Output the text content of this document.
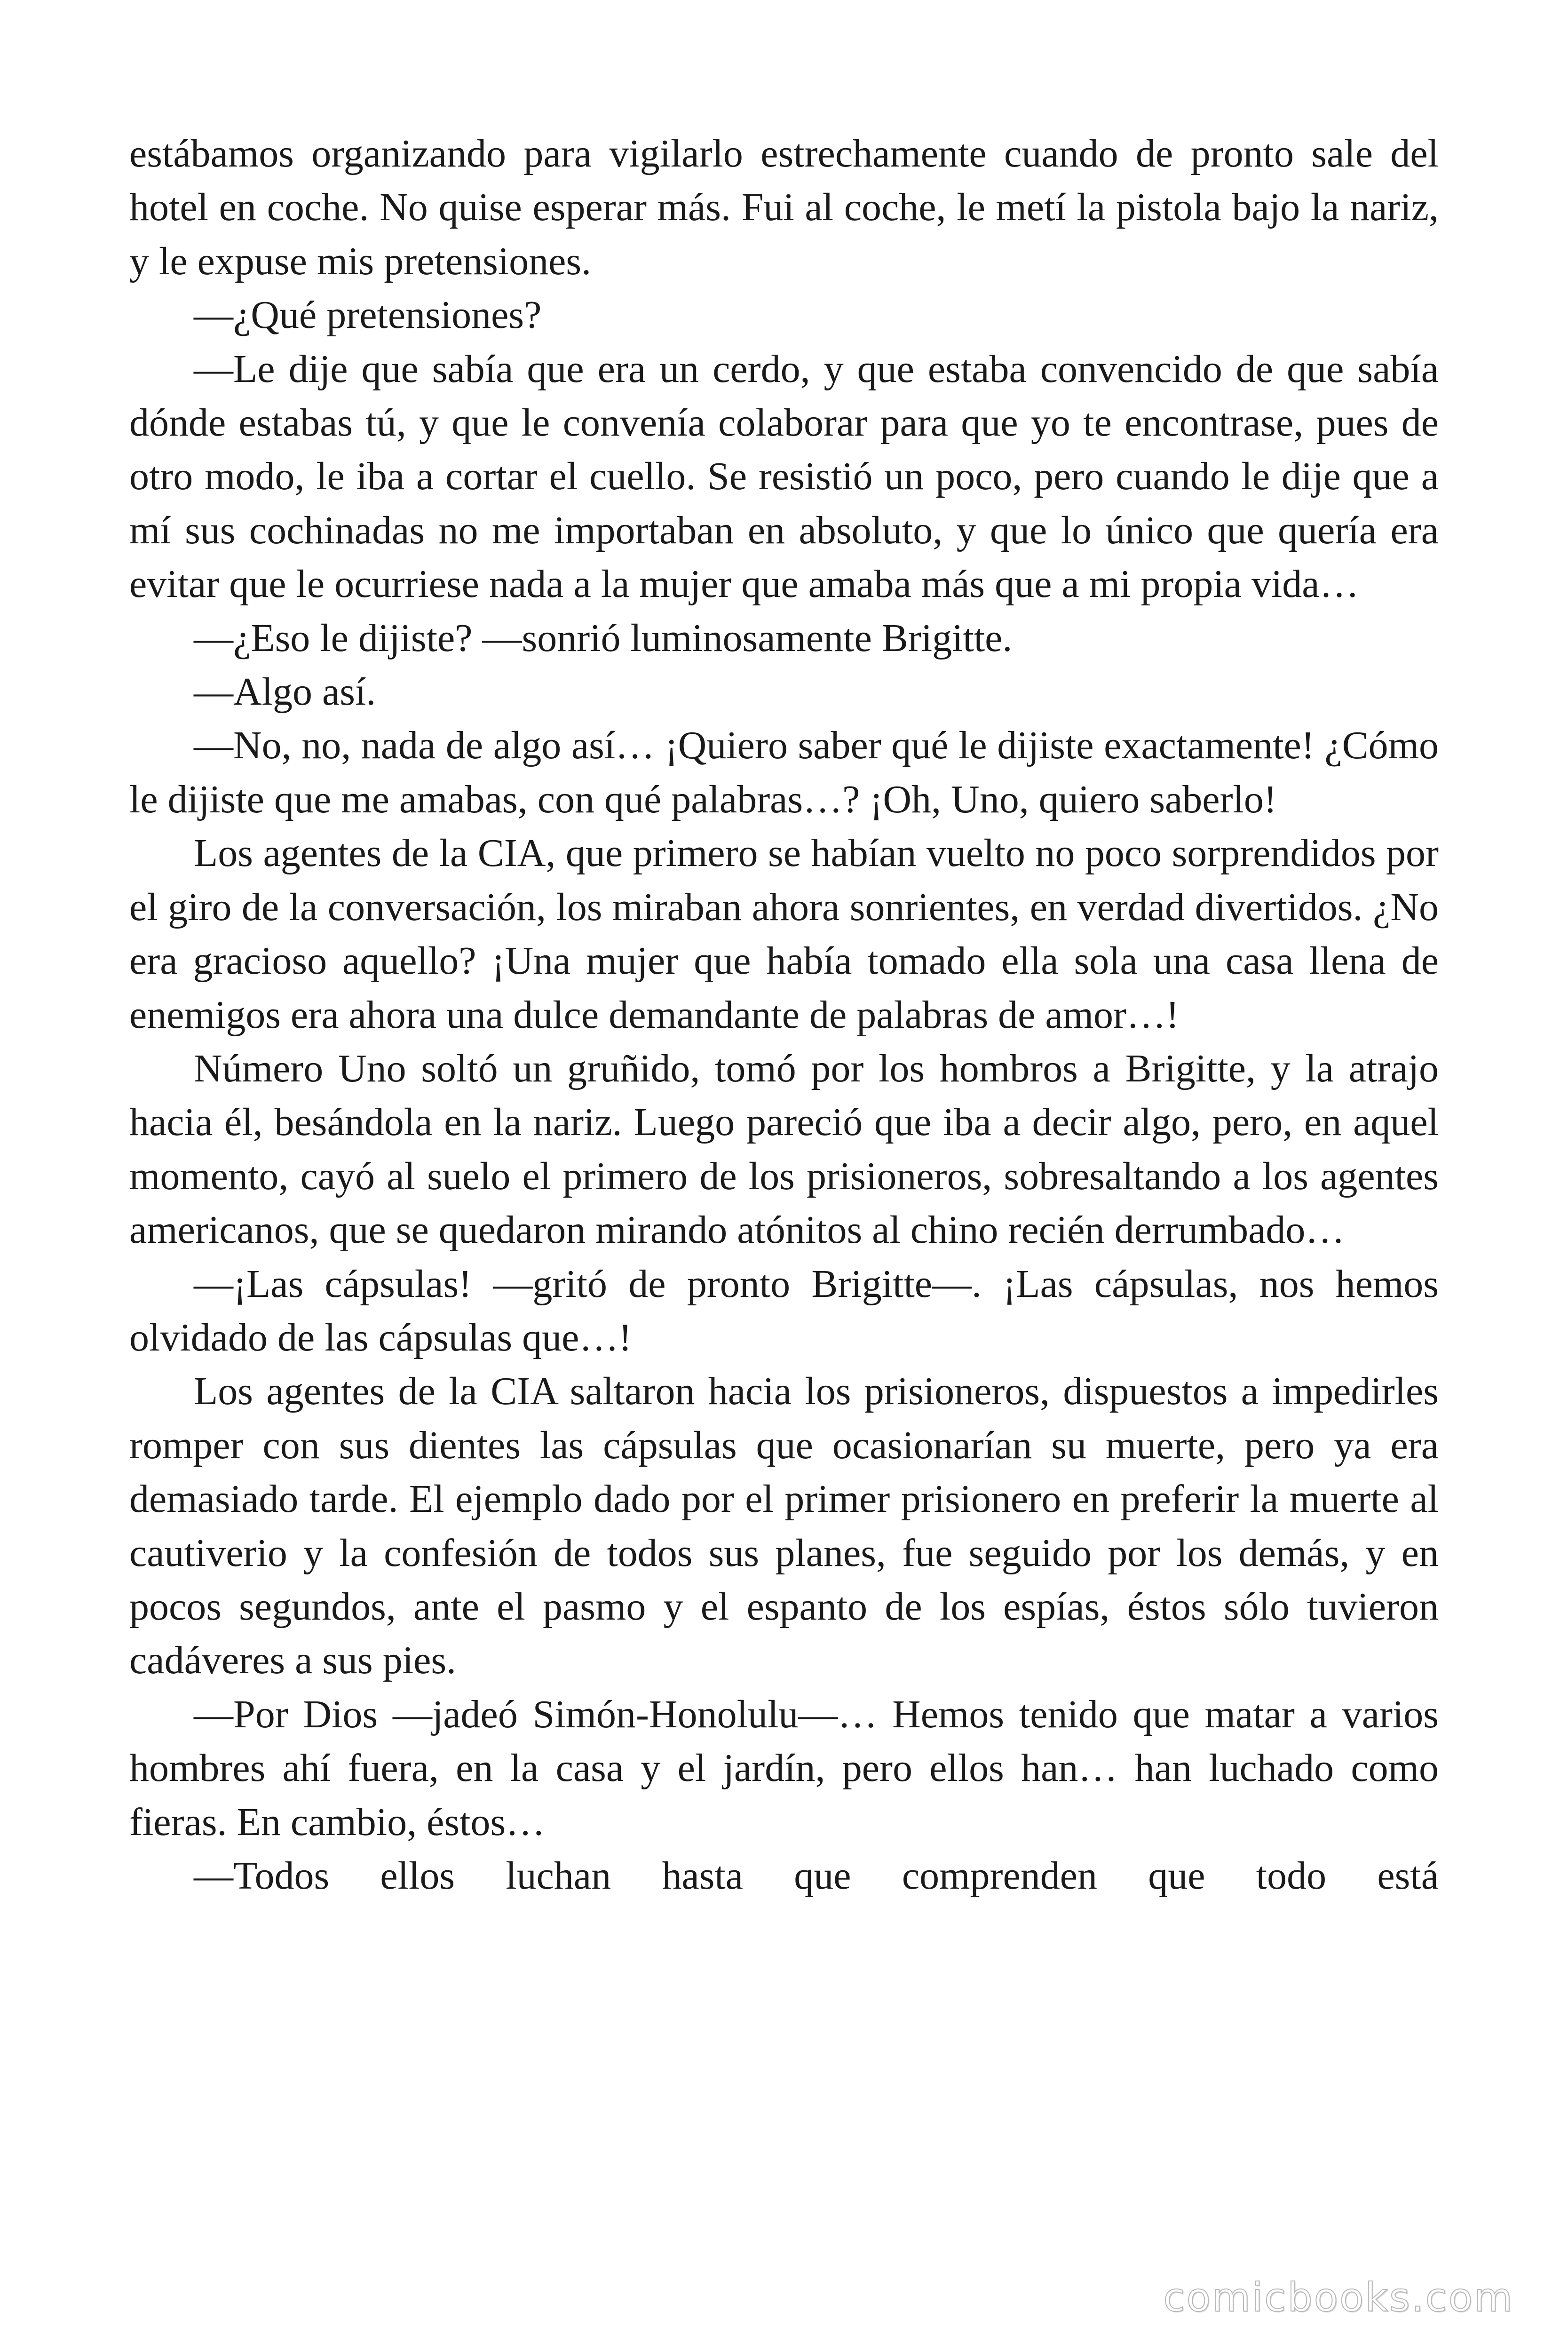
estábamos organizando para vigilarlo estrechamente cuando de pronto sale del hotel en coche. No quise esperar más. Fui al coche, le metí la pistola bajo la nariz, y le expuse mis pretensiones.

—¿Qué pretensiones?

—Le dije que sabía que era un cerdo, y que estaba convencido de que sabía dónde estabas tú, y que le convenía colaborar para que yo te encontrase, pues de otro modo, le iba a cortar el cuello. Se resistió un poco, pero cuando le dije que a mí sus cochinadas no me importaban en absoluto, y que lo único que quería era evitar que le ocurriese nada a la mujer que amaba más que a mi propia vida…

—¿Eso le dijiste? —sonrió luminosamente Brigitte.

—Algo así.

—No, no, nada de algo así… ¡Quiero saber qué le dijiste exactamente! ¿Cómo le dijiste que me amabas, con qué palabras…? ¡Oh, Uno, quiero saberlo!

Los agentes de la CIA, que primero se habían vuelto no poco sorprendidos por el giro de la conversación, los miraban ahora sonrientes, en verdad divertidos. ¿No era gracioso aquello? ¡Una mujer que había tomado ella sola una casa llena de enemigos era ahora una dulce demandante de palabras de amor…!

Número Uno soltó un gruñido, tomó por los hombros a Brigitte, y la atrajo hacia él, besándola en la nariz. Luego pareció que iba a decir algo, pero, en aquel momento, cayó al suelo el primero de los prisioneros, sobresaltando a los agentes americanos, que se quedaron mirando atónitos al chino recién derrumbado…

—¡Las cápsulas! —gritó de pronto Brigitte—. ¡Las cápsulas, nos hemos olvidado de las cápsulas que…!

Los agentes de la CIA saltaron hacia los prisioneros, dispuestos a impedirles romper con sus dientes las cápsulas que ocasionarían su muerte, pero ya era demasiado tarde. El ejemplo dado por el primer prisionero en preferir la muerte al cautiverio y la confesión de todos sus planes, fue seguido por los demás, y en pocos segundos, ante el pasmo y el espanto de los espías, éstos sólo tuvieron cadáveres a sus pies.

—Por Dios —jadeó Simón-Honolulu—… Hemos tenido que matar a varios hombres ahí fuera, en la casa y el jardín, pero ellos han… han luchado como fieras. En cambio, éstos…

—Todos ellos luchan hasta que comprenden que todo está

comicbooks.com
